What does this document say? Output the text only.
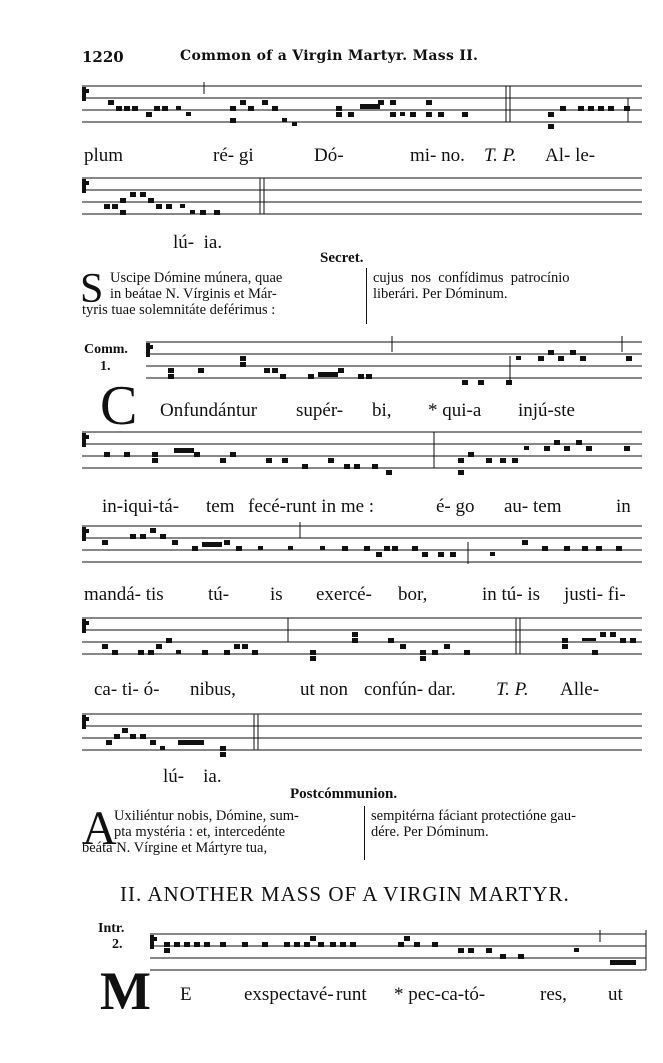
1220	Common of a Virgin Martyr. Mass II.
plum	ré- gi	Dó-	mi- no. T. P. Al- le-
lú-  ia.
Secret.
S Uscipe Dómine múnera, quae
in beátae N. Vírginis et Már-
tyris tuae solemnitáte deférimus :
cujus  nos  confídimus  patrocínio
liberári. Per Dóminum.
Comm.
1.
C Onfundántur supér- bi, * qui-a injú-ste
in-iqui-tá- tem fecé-runt in me :	é- go au- tem	in
mandá- tis tú- is exercé- bor,	in tú- is justi- fi-
ca- ti- ó- nibus,	ut non confún- dar. T. P. Alle-
lú-    ia.
Postcómmunion.
A
Uxiliéntur nobis, Dómine, sum-
pta mystéria : et, intercedénte
beáta N. Vírgine et Mártyre tua,
sempitérna fáciant protectióne gau-
dére. Per Dóminum.
II. ANOTHER MASS OF A VIRGIN MARTYR.
Intr.
2.
M E	exspectavé- runt * pec-ca-tó-	res, ut
